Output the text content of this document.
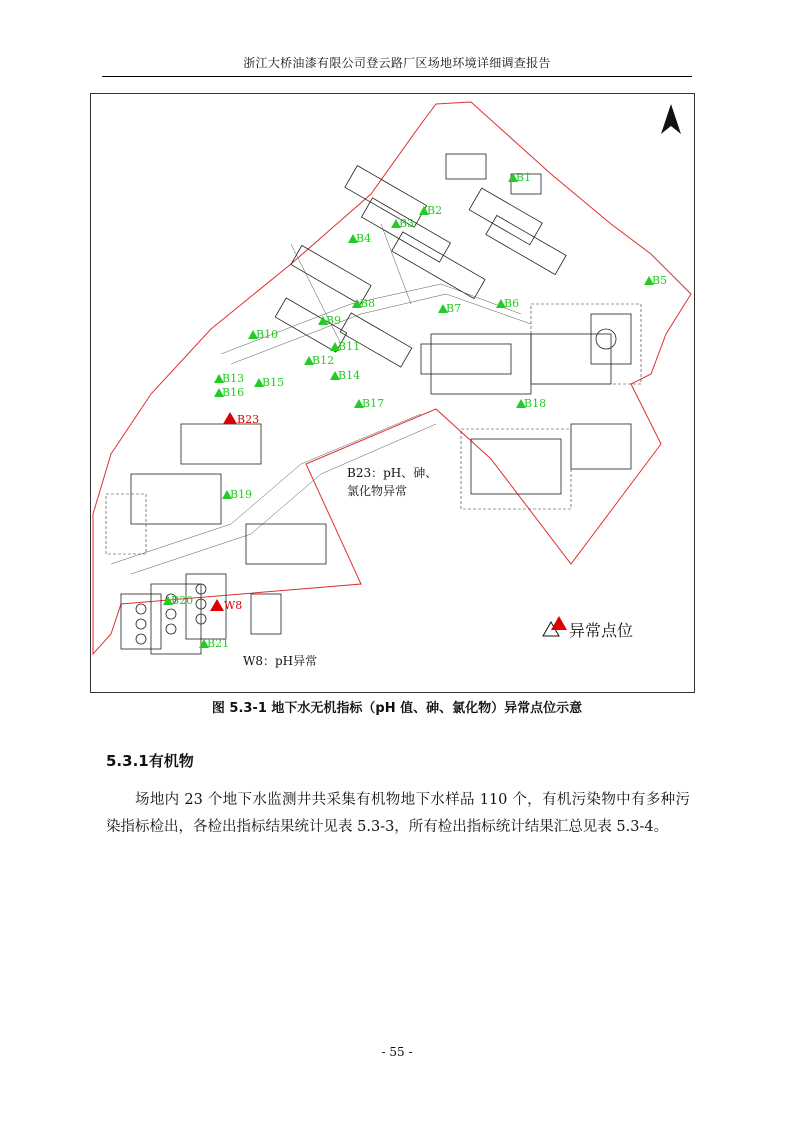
浙江大桥油漆有限公司登云路厂区场地环境详细调查报告
B1
B2
B3
B4
B5
B6
B7
B8
B9
B10
B11
B12
B13	B14
B15
B16
B17	B18
B19
B20
B21
B23
W8
B23：pH、砷、
氯化物异常
W8：pH异常
异常点位
图 5.3-1 地下水无机指标（pH 值、砷、氯化物）异常点位示意
5.3.1有机物
场地内 23 个地下水监测井共采集有机物地下水样品 110 个，有机污染物中有多种污染指标检出，各检出指标结果统计见表 5.3-3，所有检出指标统计结果汇总见表 5.3-4。
- 55 -
